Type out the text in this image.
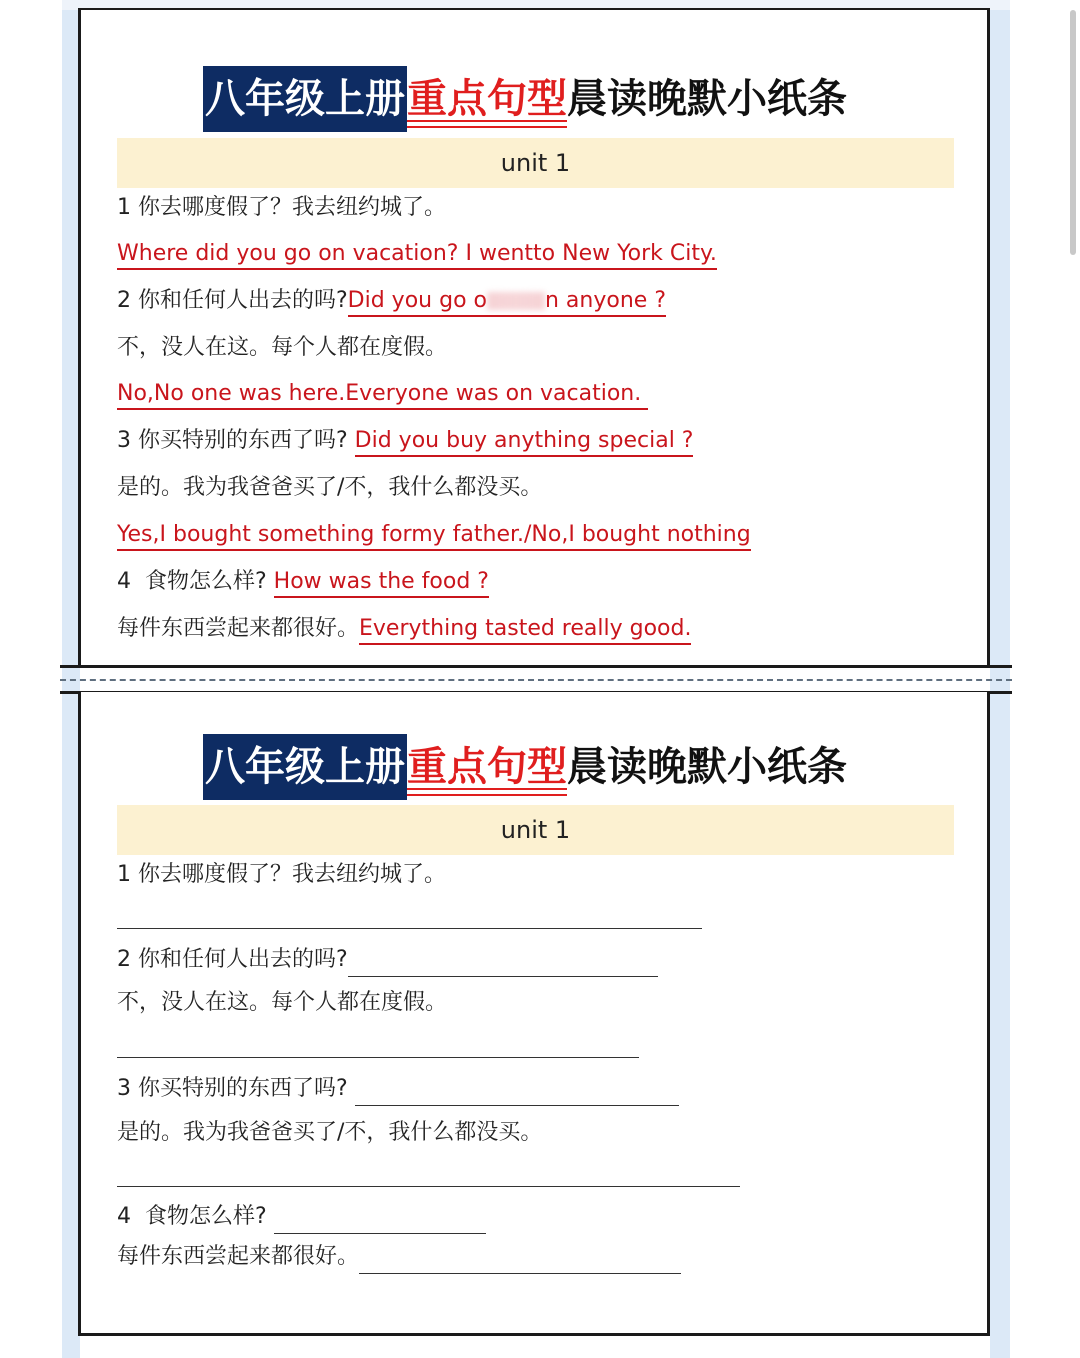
八年级上册 重点句型 晨读晚默小纸条
unit 1
1 你去哪度假了？我去纽约城了。
Where did you go on vacation? I wentto New York City.
2 你和任何人出去的吗?Did you go o	n anyone ?
不，没人在这。每个人都在度假。
No,No one was here.Everyone was on vacation.
3 你买特别的东西了吗? Did you buy anything special ?
是的。我为我爸爸买了/不，我什么都没买。
Yes,I bought something formy father./No,I bought nothing
4  食物怎么样? How was the food ?
每件东西尝起来都很好。Everything tasted really good.
八年级上册 重点句型 晨读晚默小纸条
unit 1
1 你去哪度假了？我去纽约城了。
2 你和任何人出去的吗?
不，没人在这。每个人都在度假。
3 你买特别的东西了吗?
是的。我为我爸爸买了/不，我什么都没买。
4  食物怎么样?
每件东西尝起来都很好。
